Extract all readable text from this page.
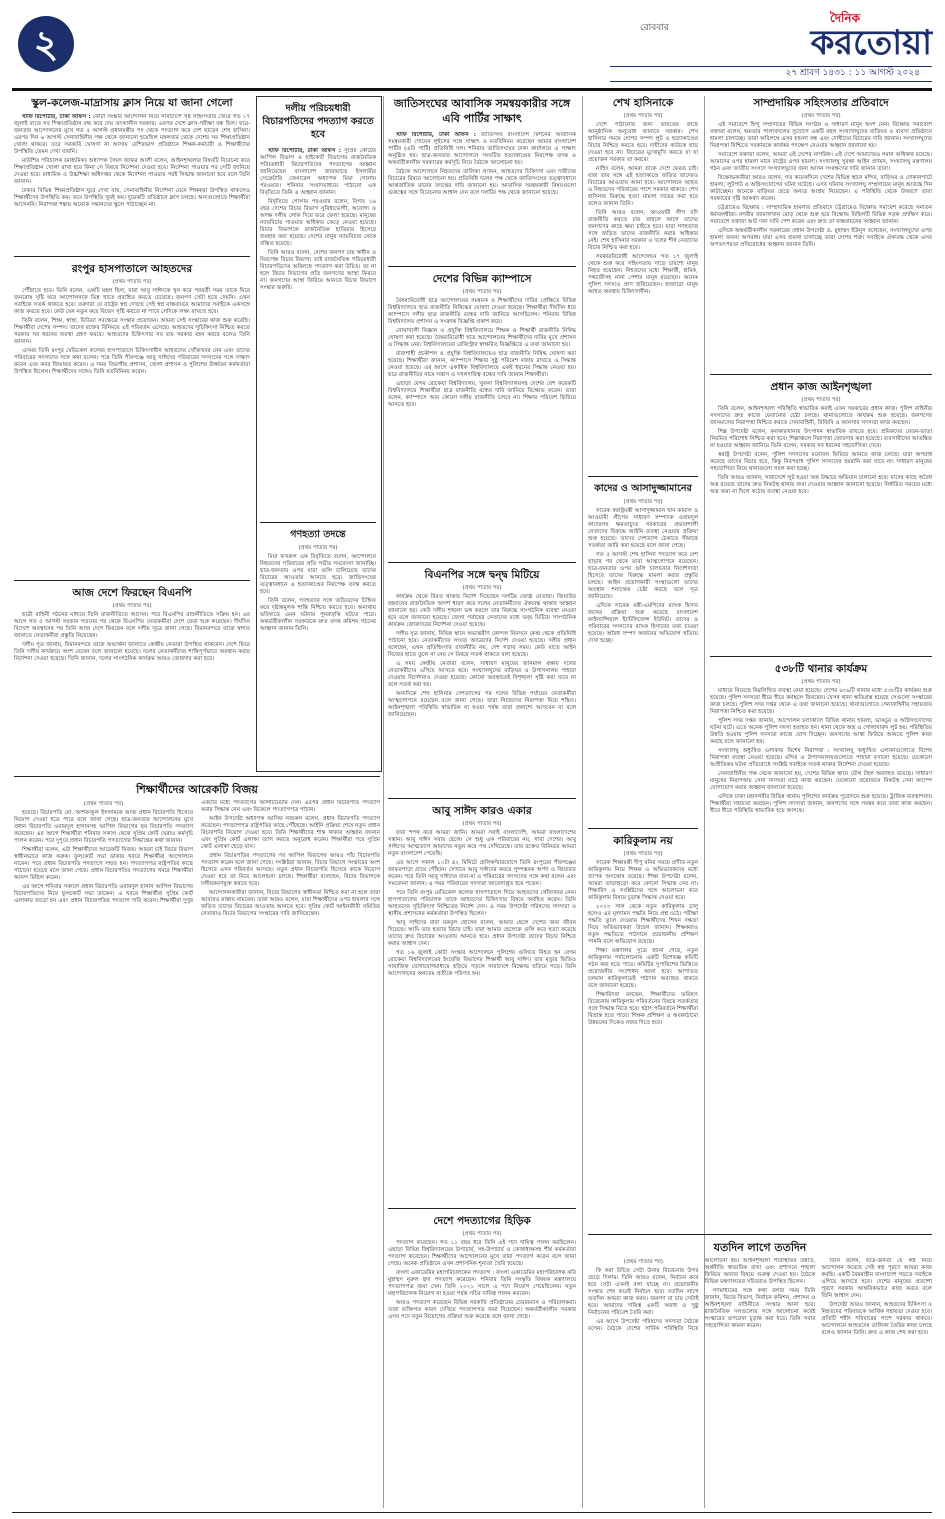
২
দৈনিক
করতোয়া
২৭ শ্রাবণ ১৪৩১ : ১১ আগস্ট ২০২৪
রোববার
স্কুল-কলেজ-মাদ্রাসায় ক্লাস নিয়ে যা জানা গেলো

স্টাফ রিপোর্টার, ঢাকা অফিস : কোটা সংস্কার আন্দোলন নিয়ে সারাদেশে সৃষ্ট সহিংসতার জেরে গত ১৭ জুলাই রাতে সব শিক্ষাপ্রতিষ্ঠান বন্ধ করে দেয় তৎকালীন সরকার। এরপর দেশে ক্লাস-পরীক্ষা বন্ধ ছিল। ছাত্র-জনতার আন্দোলনের মুখে গত ৫ আগস্ট প্রধানমন্ত্রীর পদ থেকে পদত্যাগ করে দেশ ছাড়েন শেখ হাসিনা। এরপর দিন ৬ আগস্ট সেনাবাহিনীর পক্ষ থেকে জানানো হয়েছিল মঙ্গলবার থেকে দেশের সব শিক্ষাপ্রতিষ্ঠান খোলা থাকবে। তবে সরকারি ঘোষণা না আসায় বেশিরভাগ প্রতিষ্ঠানে শিক্ষক-কর্মচারী ও শিক্ষার্থীদের উপস্থিতি তেমন দেখা যায়নি।

মাউশির পরিচালক (মাধ্যমিক) অধ্যাপক সৈয়দ জাফর আলী বলেন, আইনশৃঙ্খলার বিষয়টি বিবেচনা করে শিক্ষাপ্রতিষ্ঠান খোলা রাখা হবে কিনা সে বিষয়ে নির্দেশনা দেওয়া হবে। নির্দেশনা পাওয়ার পর সেটি জানিয়ে দেওয়া হবে। মাধ্যমিক ও উচ্চশিক্ষা অধিদপ্তর থেকে নির্দেশনা পাওয়ার পরই সিদ্ধান্ত জানানো হবে বলে তিনি জানান।

ঢাকার বিভিন্ন শিক্ষাপ্রতিষ্ঠান ঘুরে দেখা যায়, সেনাবাহিনীর নির্দেশনা মেনে শিক্ষকরা উপস্থিত থাকলেও শিক্ষার্থীদের উপস্থিতি কম। তবে উপস্থিতি খুবই কম। দুয়েকটি প্রতিষ্ঠানে ক্লাস চলছে। অন্যগুলোতে শিক্ষার্থীরা আসেননি। নিরাপত্তা শঙ্কায় অনেকে সন্তানদের স্কুলে পাঠাচ্ছেন না।

রংপুর হাসপাতালে আহতদের
(প্রথম পাতার পর)

পৌঁছাতে হবে। তিনি বলেন, একটি মহল ছিল, যারা আবু সাঈদকে খুন করে পরবর্তী সময় তাকে ঘিরে জনরোষ সৃষ্টি করে আন্দোলনকে ভিন্ন খাতে প্রবাহিত করতে চেয়েছে। জনগণ সেটা হতে দেয়নি। এখন সবাইকে সতর্ক থাকতে হবে। তরুণরা যে রাষ্ট্রের স্বপ্ন দেখছে সেই স্বপ্ন বাস্তবায়নে আমাদের সবাইকে একসঙ্গে কাজ করতে হবে। কেউ যেন নতুন করে বিভেদ সৃষ্টি করতে না পারে সেদিকে লক্ষ্য রাখতে হবে।

তিনি বলেন, শিক্ষা, স্বাস্থ্য, মিডিয়া সবক্ষেত্রে সংস্কার প্রয়োজন। আমরা সেই সংস্কারের কাজ শুরু করেছি। শিক্ষার্থীরা দেশের সম্পদ। তাদের রক্তের বিনিময়ে এই পরিবর্তন এসেছে। আহতদের সুচিকিৎসা নিশ্চিত করতে সরকার সব ধরনের ব্যবস্থা গ্রহণ করবে। আহতদের চিকিৎসার সব ব্যয় সরকার বহন করবে বলেও তিনি জানান।

এসময় তিনি রংপুর মেডিকেল কলেজ হাসপাতালে চিকিৎসাধীন আহতদের খোঁজখবর নেন এবং তাদের পরিবারের সদস্যদের সঙ্গে কথা বলেন। পরে তিনি পীরগঞ্জে আবু সাঈদের পরিবারের সদস্যদের সঙ্গে সাক্ষাৎ করেন এবং কবর জিয়ারত করেন। এ সময় বিভাগীয় প্রশাসন, জেলা প্রশাসন ও পুলিশের ঊর্ধ্বতন কর্মকর্তারা উপস্থিত ছিলেন। শিক্ষার্থীদের সঙ্গেও তিনি মতবিনিময় করেন।

আজ দেশে ফিরছেন বিএনপি
(প্রথম পাতার পর)

ছাত্রী বাহিনী গঠনের মাধ্যমে তিনি রাজনীতিতে আসেন। পরে বিএনপির রাজনীতিতে সক্রিয় হন। এর আগে গত ৫ আগস্ট সরকার পতনের পর থেকে বিএনপির নেতাকর্মীরা দেশে ফেরা শুরু করেছেন। দীর্ঘদিন বিদেশে অবস্থানের পর তিনি আজ দেশে ফিরছেন বলে দলীয় সূত্রে জানা গেছে। বিমানবন্দরে তাকে স্বাগত জানাতে নেতাকর্মীরা প্রস্তুতি নিয়েছেন।

দলীয় সূত্র জানায়, বিমানবন্দরে তাকে অভ্যর্থনা জানাতে কেন্দ্রীয় নেতারা উপস্থিত থাকবেন। দেশে ফিরে তিনি দলীয় কার্যক্রমে অংশ নেবেন বলে জানানো হয়েছে। দলের নেতাকর্মীদের শান্তিপূর্ণভাবে অবস্থান করার নির্দেশনা দেওয়া হয়েছে। তিনি জানান, দলের সাংগঠনিক কার্যক্রম আরও জোরদার করা হবে।

দলীয় পরিচয়ধারী বিচারপতিদের পদত্যাগ করতে হবে

স্টাফ রিপোর্টার, ঢাকা অফিস : সুপ্রিম কোর্টের আপিল বিভাগ ও হাইকোর্ট বিভাগের রাজনৈতিক পরিচয়ধারী বিচারপতিদের পদত্যাগের আহ্বান জানিয়েছেন বাংলাদেশ জামায়াতে ইসলামীর সেক্রেটারি জেনারেল অধ্যাপক মিয়া গোলাম পরওয়ার। শনিবার সংবাদমাধ্যমে পাঠানো এক বিবৃতিতে তিনি এ আহ্বান জানান।

বিবৃতিতে গোলাম পরওয়ার বলেন, বিগত ১৬ বছর দেশের বিচার বিভাগ সুবিধাভোগী, অযোগ্য ও অদক্ষ দলীয় লোক দিয়ে ভরে ফেলা হয়েছে। মানুষের ন্যায়বিচার পাওয়ার অধিকার কেড়ে নেওয়া হয়েছে। বিচার বিভাগকে রাজনৈতিক হাতিয়ার হিসেবে ব্যবহার করা হয়েছে। দেশের মানুষ ন্যায়বিচার থেকে বঞ্চিত হয়েছে।

তিনি আরও বলেন, দেশের জনগণ চায় স্বাধীন ও নিরপেক্ষ বিচার বিভাগ। তাই রাজনৈতিক পরিচয়ধারী বিচারপতিদের অবিলম্বে পদত্যাগ করা উচিত। তা না হলে বিচার বিভাগের প্রতি জনগণের আস্থা ফিরবে না। জনগণের আস্থা ফিরিয়ে আনতে বিচার বিভাগে সংস্কার জরুরি।

গণহত্যা তদন্তে
(প্রথম পাতার পর)

মিয়া ফখরুল এক বিবৃতিতে বলেন, আন্দোলনে নিহতদের পরিবারের প্রতি গভীর সমবেদনা জানাচ্ছি। ছাত্র-জনতার ওপর যারা গুলি চালিয়েছে তাদের বিচারের আওতায় আনতে হবে। জাতিসংঘের তত্ত্বাবধানে এ হত্যাকাণ্ডের নিরপেক্ষ তদন্ত করতে হবে।

তিনি বলেন, গণহত্যার সঙ্গে জড়িতদের চিহ্নিত করে দৃষ্টান্তমূলক শাস্তি নিশ্চিত করতে হবে। অন্যথায় ভবিষ্যতে এমন ঘটনার পুনরাবৃত্তি ঘটতে পারে। অন্তর্বর্তীকালীন সরকারকে দ্রুত তদন্ত কমিশন গঠনের আহ্বান জানান তিনি।

শিক্ষার্থীদের আরেকটি বিজয়
(প্রথম পাতার পর)

হয়েছে। বিচারপতি মো. আশফাকুল ইসলামকে আজ প্রধান বিচারপতি হিসেবে নিয়োগ দেওয়া হতে পারে বলে জানা গেছে। ছাত্র-জনতার আন্দোলনের মুখে প্রধান বিচারপতি ওবায়দুল হাসানসহ আপিল বিভাগের ছয় বিচারপতি পদত্যাগ করেছেন। এর আগে শিক্ষার্থীরা শনিবার সকাল থেকে সুপ্রিম কোর্ট ঘেরাও কর্মসূচি পালন করেন। পরে দুপুরে প্রধান বিচারপতি পদত্যাগের সিদ্ধান্তের কথা জানান।

শিক্ষার্থীরা বলেন, এটা শিক্ষার্থীদের আরেকটি বিজয়। আমরা চাই বিচার বিভাগ স্বাধীনভাবে কাজ করুক। ফুলকোর্ট সভা ডাকার খবরে শিক্ষার্থীরা আন্দোলনে নামেন। পরে প্রধান বিচারপতি পদত্যাগে সম্মত হন। পদত্যাগপত্র রাষ্ট্রপতির কাছে পাঠানো হয়েছে বলে জানা গেছে। প্রধান বিচারপতির পদত্যাগের খবরে শিক্ষার্থীরা আনন্দ মিছিল করেন।

এর আগে শনিবার সকালে প্রধান বিচারপতি ওবায়দুল হাসান আপিল বিভাগের বিচারপতিদের নিয়ে ফুলকোর্ট সভা ডাকেন। এ খবরে শিক্ষার্থীরা সুপ্রিম কোর্ট এলাকায় জড়ো হন এবং প্রধান বিচারপতির পদত্যাগ দাবি করেন। শিক্ষার্থীরা দুপুর একটার মধ্যে পদত্যাগের আলটিমেটাম দেন। এরপর প্রধান বিচারপতি পদত্যাগ করার সিদ্ধান্ত নেন এবং বিকেলে পদত্যাগপত্র পাঠান।

আইন উপদেষ্টা অধ্যাপক আসিফ নজরুল বলেন, প্রধান বিচারপতি পদত্যাগ করেছেন। পদত্যাগপত্র রাষ্ট্রপতির কাছে পৌঁছেছে। আইনি প্রক্রিয়া শেষে নতুন প্রধান বিচারপতি নিয়োগ দেওয়া হবে। তিনি শিক্ষার্থীদের শান্ত থাকার আহ্বান জানান এবং সুপ্রিম কোর্ট এলাকা ত্যাগ করতে অনুরোধ করেন। শিক্ষার্থীরা পরে সুপ্রিম কোর্ট এলাকা ছেড়ে যান।

প্রধান বিচারপতির পদত্যাগের পর আপিল বিভাগের আরও পাঁচ বিচারপতি পদত্যাগ করেন বলে জানা গেছে। সংশ্লিষ্টরা জানান, বিচার বিভাগে সংস্কারের অংশ হিসেবে এসব পরিবর্তন আসছে। নতুন প্রধান বিচারপতি হিসেবে কাকে নিয়োগ দেওয়া হবে তা নিয়ে আলোচনা চলছে। শিক্ষার্থীরা বলেছেন, বিচার বিভাগকে দলীয়করণমুক্ত করতে হবে।

আন্দোলনকারীরা জানান, বিচার বিভাগের স্বাধীনতা নিশ্চিত করা না হলে তারা আবারও রাস্তায় নামবেন। তারা আরও বলেন, যারা শিক্ষার্থীদের ওপর হামলার সঙ্গে জড়িত তাদের বিচারের আওতায় আনতে হবে। সুপ্রিম কোর্ট আইনজীবী সমিতির নেতারাও বিচার বিভাগের সংস্কারের দাবি জানিয়েছেন।

জাতিসংঘের আবাসিক সমন্বয়কারীর সঙ্গে এবি পার্টির সাক্ষাৎ

স্টাফ রিপোর্টার, ঢাকা অফিস : জাতিসংঘ বাংলাদেশ মিশনের আবাসিক সমন্বয়কারী গোয়েন লুইসের সঙ্গে সাক্ষাৎ ও মতবিনিময় করেছেন আমার বাংলাদেশ পার্টির (এবি পার্টি) প্রতিনিধি দল। শনিবার জাতিসংঘের ঢাকা কার্যালয়ে এ সাক্ষাৎ অনুষ্ঠিত হয়। ছাত্র-জনতার আন্দোলনে সংঘটিত হত্যাকাণ্ডের নিরপেক্ষ তদন্ত ও অন্তর্বর্তীকালীন সরকারের কর্মসূচি নিয়ে বৈঠকে আলোচনা হয়।

বৈঠকে আন্দোলনে নিহতদের তালিকা প্রণয়ন, আহতদের চিকিৎসা এবং দায়ীদের বিচারের বিষয়ে আলোচনা হয়। প্রতিনিধি দলের পক্ষ থেকে জাতিসংঘের তত্ত্বাবধানে আন্তর্জাতিক মানের তদন্তের দাবি জানানো হয়। আবাসিক সমন্বয়কারী বিষয়গুলো গুরুত্বের সঙ্গে বিবেচনার আশ্বাস দেন বলে দলটির পক্ষ থেকে জানানো হয়েছে।

দেশের বিভিন্ন ক্যাম্পাসে
(প্রথম পাতার পর)

বৈষম্যবিরোধী ছাত্র আন্দোলনের সমন্বয়ক ও শিক্ষার্থীদের দাবির প্রেক্ষিতে বিভিন্ন বিশ্ববিদ্যালয়ে ছাত্র রাজনীতি নিষিদ্ধের ঘোষণা দেওয়া হয়েছে। শিক্ষার্থীরা দীর্ঘদিন ধরে ক্যাম্পাসে দলীয় ছাত্র রাজনীতি বন্ধের দাবি জানিয়ে আসছিলেন। শনিবার বিভিন্ন বিশ্ববিদ্যালয় প্রশাসন এ সংক্রান্ত বিজ্ঞপ্তি প্রকাশ করে।

নোয়াখালী বিজ্ঞান ও প্রযুক্তি বিশ্ববিদ্যালয়ে শিক্ষক ও শিক্ষার্থী রাজনীতি নিষিদ্ধ ঘোষণা করা হয়েছে। বৈষম্যবিরোধী ছাত্র আন্দোলনের শিক্ষার্থীদের দাবির মুখে প্রশাসন এ সিদ্ধান্ত নেয়। বিশ্ববিদ্যালয়ের রেজিস্ট্রার স্বাক্ষরিত বিজ্ঞপ্তিতে এ তথ্য জানানো হয়।

রাজশাহী প্রকৌশল ও প্রযুক্তি বিশ্ববিদ্যালয়েও ছাত্র রাজনীতি নিষিদ্ধ ঘোষণা করা হয়েছে। শিক্ষার্থীরা জানান, ক্যাম্পাসে শিক্ষার সুষ্ঠু পরিবেশ বজায় রাখতে এ সিদ্ধান্ত নেওয়া হয়েছে। এর আগে একাধিক বিশ্ববিদ্যালয়ে একই ধরনের সিদ্ধান্ত নেওয়া হয়। ছাত্র রাজনীতির নামে সন্ত্রাস ও দখলদারিত্ব বন্ধের দাবি জানান শিক্ষার্থীরা।

এছাড়া বেগম রোকেয়া বিশ্ববিদ্যালয়, খুলনা বিশ্ববিদ্যালয়সহ দেশের বেশ কয়েকটি বিশ্ববিদ্যালয়ে শিক্ষার্থীরা ছাত্র রাজনীতি বন্ধের দাবি জানিয়ে বিক্ষোভ করেন। তারা বলেন, ক্যাম্পাসে আর কোনো দলীয় রাজনীতি চলবে না। শিক্ষার পরিবেশ ফিরিয়ে আনতে হবে।

বিএনপির সঙ্গে দ্বন্দ্ব মিটিয়ে
(প্রথম পাতার পর)

কার্যক্রম থেকে বিরত থাকার নির্দেশ দিয়েছেন দলটির জ্যেষ্ঠ নেতারা। জিয়াউর রহমানের রাজনৈতিক আদর্শ ধারণ করে দলের নেতাকর্মীদের ঐক্যবদ্ধ থাকার আহ্বান জানানো হয়। কেউ দলীয় শৃঙ্খলা ভঙ্গ করলে তার বিরুদ্ধে সাংগঠনিক ব্যবস্থা নেওয়া হবে বলে জানানো হয়েছে। জেলা পর্যায়ের নেতাদের মধ্যে দ্বন্দ্ব মিটিয়ে সাংগঠনিক কার্যক্রম জোরদারের নির্দেশনা দেওয়া হয়েছে।

দলীয় সূত্র জানায়, বিভিন্ন স্থানে অভ্যন্তরীণ কোন্দল নিরসনে কেন্দ্র থেকে প্রতিনিধি পাঠানো হবে। নেতাকর্মীদের সংযত আচরণের নির্দেশ দেওয়া হয়েছে। দলীয় প্রধান বলেছেন, এখন প্রতিহিংসার রাজনীতি নয়, দেশ গড়ার সময়। কেউ যাতে আইন নিজের হাতে তুলে না নেয় সে বিষয়ে সতর্ক থাকতে বলা হয়েছে।

এ সময় কেন্দ্রীয় নেতারা বলেন, সাধারণ মানুষের জানমাল রক্ষায় দলের নেতাকর্মীদের এগিয়ে আসতে হবে। সংখ্যালঘুদের বাড়িঘর ও উপাসনালয় পাহারা দেওয়ার নির্দেশনাও দেওয়া হয়েছে। কোনো অবস্থাতেই বিশৃঙ্খলা সৃষ্টি করা যাবে না বলে সতর্ক করা হয়।

অন্যদিকে শেখ হাসিনার দেশত্যাগের পর দলের বিভিন্ন পর্যায়ের নেতাকর্মীরা আত্মগোপনে রয়েছেন বলে জানা গেছে। তারা নিজেদের নিরাপত্তা নিয়ে শঙ্কিত। আইনশৃঙ্খলা পরিস্থিতি স্বাভাবিক না হওয়া পর্যন্ত তারা প্রকাশ্যে আসবেন না বলে জানিয়েছেন।

আবু সাঈদ কারও একার
(প্রথম পাতার পর)

যারা শপথ করে আমরা জানি। আমরা সবাই বাংলাদেশি, আমরা বাংলাদেশের সন্তান। আবু সাঈদ সবার ছেলে। সে শুধু এক পরিবারের নয়, সারা দেশের। আবু সাঈদের আত্মত্যাগ আমাদের নতুন করে পথ দেখিয়েছে। তার রক্তের বিনিময়ে আমরা নতুন বাংলাদেশ পেয়েছি।

এর আগে সকাল ১০টা ৪২ মিনিটে হেলিকপ্টারযোগে তিনি রংপুরের পীরগঞ্জের জাফরপাড়া গ্রামে পৌঁছান। সেখানে আবু সাঈদের কবরে পুষ্পস্তবক অর্পণ ও জিয়ারত করেন। পরে তিনি আবু সাঈদের বাবা-মা ও পরিবারের সদস্যদের সঙ্গে কথা বলেন এবং সমবেদনা জানান। এ সময় পরিবারের সদস্যরা আবেগাপ্লুত হয়ে পড়েন।

পরে তিনি রংপুর মেডিকেল কলেজ হাসপাতালে গিয়ে আহতদের খোঁজখবর নেন। হাসপাতালের পরিচালক তাকে আহতদের চিকিৎসার বিষয়ে অবহিত করেন। তিনি আহতদের সুচিকিৎসা নিশ্চিতের নির্দেশ দেন। এ সময় উপদেষ্টা পরিষদের সদস্যরা ও স্থানীয় প্রশাসনের কর্মকর্তারা উপস্থিত ছিলেন।

আবু সাঈদের বাবা মকবুল হোসেন বলেন, আমার ছেলে দেশের জন্য জীবন দিয়েছে। আমি তার হত্যার বিচার চাই। যারা আমার ছেলেকে গুলি করে হত্যা করেছে তাদের দ্রুত বিচারের আওতায় আনতে হবে। প্রধান উপদেষ্টা তাদের বিচার নিশ্চিত করার আশ্বাস দেন।

গত ১৬ জুলাই কোটা সংস্কার আন্দোলনে পুলিশের গুলিতে নিহত হন বেগম রোকেয়া বিশ্ববিদ্যালয়ের ইংরেজি বিভাগের শিক্ষার্থী আবু সাঈদ। তার মৃত্যুর ভিডিও সামাজিক যোগাযোগমাধ্যমে ছড়িয়ে পড়লে সারাদেশে বিক্ষোভ ছড়িয়ে পড়ে। তিনি আন্দোলনের অন্যতম প্রতীকে পরিণত হন।

দেশে পদত্যাগের হিড়িক
(প্রথম পাতার পর)

পদত্যাগ করেছেন। গত ১১ বছর ধরে তিনি এই পদে দায়িত্ব পালন করছিলেন। এছাড়া বিভিন্ন বিশ্ববিদ্যালয়ের উপাচার্য, সহ-উপাচার্য ও কোষাধ্যক্ষসহ শীর্ষ কর্মকর্তারা পদত্যাগ করেছেন। শিক্ষার্থীদের আন্দোলনের মুখে তারা পদত্যাগ করেন বলে জানা গেছে। অনেক প্রতিষ্ঠানে এখন প্রশাসনিক শূন্যতা তৈরি হয়েছে।

বাংলা একাডেমির মহাপরিচালকের পদত্যাগ : বাংলা একাডেমির মহাপরিচালক কবি মুহাম্মদ নূরুল হুদা পদত্যাগ করেছেন। শনিবার তিনি সংস্কৃতি বিষয়ক মন্ত্রণালয়ে পদত্যাগপত্র জমা দেন। তিনি ২০২১ সালে এ পদে নিয়োগ পেয়েছিলেন। নতুন মহাপরিচালক নিয়োগ না হওয়া পর্যন্ত সচিব দায়িত্ব পালন করবেন।

আরও পদত্যাগ করেছেন বিভিন্ন সরকারি প্রতিষ্ঠানের চেয়ারম্যান ও পরিচালকরা। তারা ব্যক্তিগত কারণ দেখিয়ে পদত্যাগপত্র জমা দিয়েছেন। অন্তর্বর্তীকালীন সরকার এসব পদে নতুন নিয়োগের প্রক্রিয়া শুরু করেছে বলে জানা গেছে।

শেখ হাসিনাকে
(প্রথম পাতার পর)

দেশে পাঠানোর জন্য ভারতের কাছে আনুষ্ঠানিক অনুরোধ জানাবে সরকার। শেখ হাসিনার সময়ে দেশের সম্পদ লুট ও হত্যাকাণ্ডের বিচার নিশ্চিত করতে হবে। দায়ীদের কাউকে ছাড় দেওয়া হবে না। বিচারের মুখোমুখি করতে যা যা প্রয়োজন সরকার তা করবে।

নাহিদ বলেন, আমরা তাকে দেশে ফেরত চাই। যারা তার সঙ্গে এই হত্যাকাণ্ডে জড়িত তাদেরও বিচারের আওতায় আনা হবে। আন্দোলনে আহত ও নিহতদের পরিবারের পাশে সরকার থাকবে। শেখ হাসিনার বিরুদ্ধে হত্যা মামলা দায়ের করা হবে বলেও জানান তিনি।

তিনি আরও বলেন, আওয়ামী লীগ যদি রাজনীতি করতে চায় তাহলে আগে তাদের জনগণের কাছে ক্ষমা চাইতে হবে। যারা গণহত্যার সঙ্গে জড়িত তাদের রাজনীতি করার অধিকার নেই। শেখ হাসিনার সরকার ও দলের শীর্ষ নেতাদের বিচার নিশ্চিত করা হবে।

সরকারবিরোধী আন্দোলনে গত ১৭ জুলাই থেকে শুরু করে সহিংসতায় সাড়ে চারশো মানুষ নিহত হয়েছেন। নিহতদের মধ্যে শিক্ষার্থী, শ্রমিক, পথচারীসহ নানা পেশার মানুষ রয়েছেন। অনেক পুলিশ সদস্যও প্রাণ হারিয়েছেন। হাজারো মানুষ আহত অবস্থায় চিকিৎসাধীন।

কাদের ও আসাদুজ্জামানের
(প্রথম পাতার পর)

সাবেক স্বরাষ্ট্রমন্ত্রী আসাদুজ্জামান খান কামাল ও আওয়ামী লীগের সাধারণ সম্পাদক ওবায়দুল কাদেরসহ ক্ষমতাচ্যুত সরকারের প্রভাবশালী নেতাদের বিরুদ্ধে আইনি ব্যবস্থা নেওয়ার প্রক্রিয়া শুরু হয়েছে। তাদের দেশত্যাগ ঠেকাতে সীমান্তে সতর্কতা জারি করা হয়েছে বলে জানা গেছে।

গত ৫ আগস্ট শেখ হাসিনা পদত্যাগ করে দেশ ছাড়ার পর থেকে তারা আত্মগোপনে রয়েছেন। ছাত্র-জনতার ওপর গুলি চালানোর নির্দেশদাতা হিসেবে তাদের বিরুদ্ধে মামলা করার প্রস্তুতি চলছে। আইন প্রয়োগকারী সংস্থাগুলো তাদের অবস্থান শনাক্তের চেষ্টা করছে বলে সূত্র জানিয়েছে।

এদিকে সাবেক মন্ত্রী-এমপিদের ব্যাংক হিসাব জব্দের প্রক্রিয়া শুরু করেছে বাংলাদেশ ফাইন্যান্সিয়াল ইন্টেলিজেন্স ইউনিট। তাদের ও পরিবারের সদস্যদের ব্যাংক হিসাবের তথ্য চাওয়া হয়েছে। অবৈধ সম্পদ অর্জনের অভিযোগ খতিয়ে দেখা হচ্ছে।

কারিকুলাম নয়
(প্রথম পাতার পর)

সাবেক শিক্ষামন্ত্রী দীপু মনির সময়ে প্রণীত নতুন কারিকুলাম নিয়ে শিক্ষক ও অভিভাবকদের মধ্যে ব্যাপক অসন্তোষ রয়েছে। শিক্ষা উপদেষ্টা বলেন, আমরা তাড়াহুড়ো করে কোনো সিদ্ধান্ত নেব না। শিক্ষাবিদ ও সংশ্লিষ্টদের সঙ্গে আলোচনা করে কারিকুলাম বিষয়ে চূড়ান্ত সিদ্ধান্ত নেওয়া হবে।

২০২৩ সাল থেকে নতুন কারিকুলাম চালু হলেও এর মূল্যায়ন পদ্ধতি নিয়ে প্রশ্ন ওঠে। পরীক্ষা পদ্ধতি তুলে দেওয়ায় শিক্ষার্থীদের শিখন দক্ষতা নিয়ে অভিভাবকরা উদ্বেগ জানান। শিক্ষকরাও নতুন পদ্ধতিতে পাঠদানে প্রয়োজনীয় প্রশিক্ষণ পাননি বলে অভিযোগ রয়েছে।

শিক্ষা মন্ত্রণালয় সূত্রে জানা গেছে, নতুন কারিকুলাম পর্যালোচনায় একটি বিশেষজ্ঞ কমিটি গঠন করা হতে পারে। কমিটির সুপারিশের ভিত্তিতে প্রয়োজনীয় সংশোধন আনা হবে। আপাতত চলমান কারিকুলামেই পাঠদান অব্যাহত থাকবে বলে জানানো হয়েছে।

শিক্ষাবিদরা বলছেন, শিক্ষার্থীদের ভবিষ্যৎ বিবেচনায় কারিকুলাম পরিবর্তনের বিষয়ে সতর্কতার সঙ্গে সিদ্ধান্ত নিতে হবে। হঠাৎ পরিবর্তনে শিক্ষার্থীরা বিভ্রান্ত হতে পারে। শিক্ষক প্রশিক্ষণ ও অবকাঠামো উন্নয়নের দিকেও নজর দিতে হবে।

সাম্প্রদায়িক সহিংসতার প্রতিবাদে
(প্রথম পাতার পর)

এই সমাবেশে হিন্দু সম্প্রদায়ের বিভিন্ন সংগঠন ও সাধারণ মানুষ অংশ নেন। বিক্ষোভ সমাবেশে বক্তারা বলেন, ক্ষমতার পালাবদলের সুযোগে একটি মহল সংখ্যালঘুদের বাড়িঘর ও ব্যবসা প্রতিষ্ঠানে হামলা চালাচ্ছে। তারা অবিলম্বে এসব হামলা বন্ধ এবং দোষীদের বিচারের দাবি জানান। সংখ্যালঘুদের নিরাপত্তা নিশ্চিতে সরকারকে কার্যকর পদক্ষেপ নেওয়ার আহ্বান জানানো হয়।

সমাবেশে বক্তারা বলেন, আমরা এই দেশের নাগরিক। এই দেশে আমাদেরও সমান অধিকার রয়েছে। আমাদের ওপর হামলা মানে রাষ্ট্রের ওপর হামলা। সংখ্যালঘু সুরক্ষা আইন প্রণয়ন, সংখ্যালঘু মন্ত্রণালয় গঠন এবং জাতীয় সংসদে সংখ্যালঘুদের জন্য আসন সংরক্ষণের দাবি জানান তারা।

বিক্ষোভকারীরা আরও বলেন, গত কয়েকদিনে দেশের বিভিন্ন স্থানে মন্দির, বাড়িঘর ও দোকানপাটে হামলা, লুটপাট ও অগ্নিসংযোগের ঘটনা ঘটেছে। এসব ঘটনায় সংখ্যালঘু সম্প্রদায়ের মানুষ আতঙ্কে দিন কাটাচ্ছেন। অনেকে বাড়িঘর ছেড়ে অন্যত্র আশ্রয় নিয়েছেন। এ পরিস্থিতি থেকে উত্তরণে তারা সরকারের দৃষ্টি আকর্ষণ করেন।

চট্টগ্রামেও বিক্ষোভ : সাম্প্রদায়িক হামলার প্রতিবাদে চট্টগ্রামেও বিক্ষোভ সমাবেশ করেছে সনাতন ধর্মাবলম্বীরা। নগরীর জামালখান মোড় থেকে শুরু হয়ে বিক্ষোভ মিছিলটি বিভিন্ন সড়ক প্রদক্ষিণ করে। সমাবেশে বক্তারা আট দফা দাবি পেশ করেন এবং দ্রুত তা বাস্তবায়নের আহ্বান জানান।

এদিকে অন্তর্বর্তীকালীন সরকারের প্রধান উপদেষ্টা ড. মুহাম্মদ ইউনূস বলেছেন, সংখ্যালঘুদের ওপর হামলা জঘন্য অপরাধ। যারা এসব হামলা চালাচ্ছে তারা দেশের শত্রু। সবাইকে ঐক্যবদ্ধ থেকে এসব অপতৎপরতা প্রতিরোধের আহ্বান জানান তিনি।

প্রধান কাজ আইনশৃঙ্খলা
(প্রথম পাতার পর)

তিনি বলেন, আইনশৃঙ্খলা পরিস্থিতি স্বাভাবিক করাই এখন সরকারের প্রধান কাজ। পুলিশ বাহিনীর সদস্যদের দ্রুত কাজে ফেরানোর চেষ্টা চলছে। থানাগুলোতে কার্যক্রম শুরু হয়েছে। জনগণের জানমালের নিরাপত্তা নিশ্চিত করতে সেনাবাহিনী, বিজিবি ও আনসার সদস্যরা কাজ করছেন।

শিল্প উপদেষ্টা বলেন, কলকারখানায় উৎপাদন স্বাভাবিক রাখতে হবে। শ্রমিকদের বেতন-ভাতা নিয়মিত পরিশোধ নিশ্চিত করা হবে। শিল্পাঞ্চলে নিরাপত্তা জোরদার করা হয়েছে। ব্যবসায়ীদের আতঙ্কিত না হওয়ার আহ্বান জানিয়ে তিনি বলেন, সরকার সব ধরনের সহযোগিতা দেবে।

স্বরাষ্ট্র উপদেষ্টা বলেন, পুলিশ সদস্যদের মনোবল ফিরিয়ে আনতে কাজ চলছে। যারা অপরাধ করেছে তাদের বিচার হবে, কিন্তু নিরপরাধ পুলিশ সদস্যদের হয়রানি করা যাবে না। সাধারণ মানুষের সহযোগিতা নিয়ে থানাগুলো সচল করা হচ্ছে।

তিনি আরও জানান, সারাদেশে লুট হওয়া অস্ত্র উদ্ধারে অভিযান চালানো হবে। যাদের কাছে অবৈধ অস্ত্র রয়েছে তাদের দ্রুত নিকটস্থ থানায় জমা দেওয়ার আহ্বান জানানো হয়েছে। নির্ধারিত সময়ের মধ্যে অস্ত্র জমা না দিলে কঠোর ব্যবস্থা নেওয়া হবে।

৫৩৮টি থানার কার্যক্রম
(প্রথম পাতার পর)

মাধ্যমে নিয়েছে নিম্নলিখিত ব্যবস্থা নেয়া হয়েছে। দেশের ৬৩৯টি থানার মধ্যে ৫৩৮টির কার্যক্রম শুরু হয়েছে। পুলিশ সদস্যরা ধীরে ধীরে কর্মস্থলে ফিরছেন। যেসব থানা ক্ষতিগ্রস্ত হয়েছে সেগুলো সংস্কারের কাজ চলছে। পুলিশ সদর দপ্তর থেকে এ তথ্য জানানো হয়েছে। থানাগুলোতে সেনাবাহিনীর সহায়তায় নিরাপত্তা নিশ্চিত করা হয়েছে।

পুলিশ সদর দপ্তর জানায়, আন্দোলন চলাকালে বিভিন্ন থানায় হামলা, ভাঙচুর ও অগ্নিসংযোগের ঘটনা ঘটে। এতে অনেক পুলিশ সদস্য হতাহত হন। থানা থেকে অস্ত্র ও গোলাবারুদ লুট হয়। পরিস্থিতির উন্নতি হওয়ায় পুলিশ সদস্যরা কাজে যোগ দিচ্ছেন। জনগণের আস্থা ফিরিয়ে আনতে পুলিশ কাজ করছে বলে জানানো হয়।

সংখ্যালঘু অধ্যুষিত এলাকায় বিশেষ নিরাপত্তা : সংখ্যালঘু অধ্যুষিত এলাকাগুলোতে বিশেষ নিরাপত্তা ব্যবস্থা নেওয়া হয়েছে। মন্দির ও উপাসনালয়গুলোতে পাহারা বসানো হয়েছে। যেকোনো অপ্রীতিকর ঘটনা প্রতিরোধে সংশ্লিষ্ট সবাইকে সতর্ক থাকার নির্দেশনা দেওয়া হয়েছে।

সেনাবাহিনীর পক্ষ থেকে জানানো হয়, দেশের বিভিন্ন স্থানে যৌথ টহল অব্যাহত রয়েছে। সাধারণ মানুষের নিরাপত্তায় সেনা সদস্যরা মাঠে কাজ করছেন। যেকোনো প্রয়োজনে নিকটস্থ সেনা ক্যাম্পে যোগাযোগ করার আহ্বান জানানো হয়েছে।

এদিকে ঢাকা মহানগরীর বিভিন্ন থানায় পুলিশের কার্যক্রম পুরোদমে শুরু হয়েছে। ট্রাফিক ব্যবস্থাপনায় শিক্ষার্থীরা সহায়তা করছেন। পুলিশ সদস্যরা জানান, জনগণের সঙ্গে সমন্বয় করে তারা কাজ করছেন। ধীরে ধীরে পরিস্থিতি স্বাভাবিক হয়ে আসছে।

যতদিন লাগে ততদিন
(প্রথম পাতার পর)

কি করা উচিত সেটা উনার বিবেচনার উপর ছেড়ে দিলাম। তিনি আরও বলেন, নির্বাচন কবে হবে সেটা এখনই বলা যাচ্ছে না। প্রয়োজনীয় সংস্কার শেষ করেই নির্বাচন হবে। যতদিন লাগে ততদিন আমরা কাজ করব। জনগণ যা চায় সেটাই হবে। আমাদের দায়িত্ব একটি অবাধ ও সুষ্ঠু নির্বাচনের পরিবেশ তৈরি করা।

এর আগে উপদেষ্টা পরিষদের সদস্যরা বৈঠকে বসেন। বৈঠকে দেশের সার্বিক পরিস্থিতি নিয়ে আলোচনা হয়। আইনশৃঙ্খলা পরিস্থিতির উন্নতি, অর্থনীতি স্বাভাবিক রাখা এবং প্রশাসনে শৃঙ্খলা ফিরিয়ে আনার বিষয়ে গুরুত্ব দেওয়া হয়। বৈঠকে বিভিন্ন মন্ত্রণালয়ের সচিবরাও উপস্থিত ছিলেন।

গণমাধ্যমের সঙ্গে কথা বলার সময় তিনি জানান, বিচার বিভাগ, নির্বাচন কমিশন, প্রশাসন ও আইনশৃঙ্খলা বাহিনীতে সংস্কার আনা হবে। রাজনৈতিক দলগুলোর সঙ্গে আলোচনা করেই সংস্কারের রূপরেখা চূড়ান্ত করা হবে। তিনি সবার সহযোগিতা কামনা করেন।

তিনি বলেন, ছাত্র-জনতা যে স্বপ্ন নিয়ে আন্দোলন করেছে সেই স্বপ্ন পূরণে আমরা কাজ করছি। একটি বৈষম্যহীন বাংলাদেশ গড়তে সবাইকে এগিয়ে আসতে হবে। দেশের মানুষের প্রত্যাশা পূরণে সরকার আন্তরিকভাবে কাজ করবে বলে তিনি আশ্বাস দেন।

উপদেষ্টা আরও জানান, আহতদের চিকিৎসা ও নিহতদের পরিবারকে আর্থিক সহায়তা দেওয়া হবে। প্রতিটি শহীদ পরিবারের পাশে সরকার থাকবে। আন্দোলনে আহতদের তালিকা তৈরির কাজ চলছে বলেও জানান তিনি। দ্রুত এ কাজ শেষ করা হবে।
